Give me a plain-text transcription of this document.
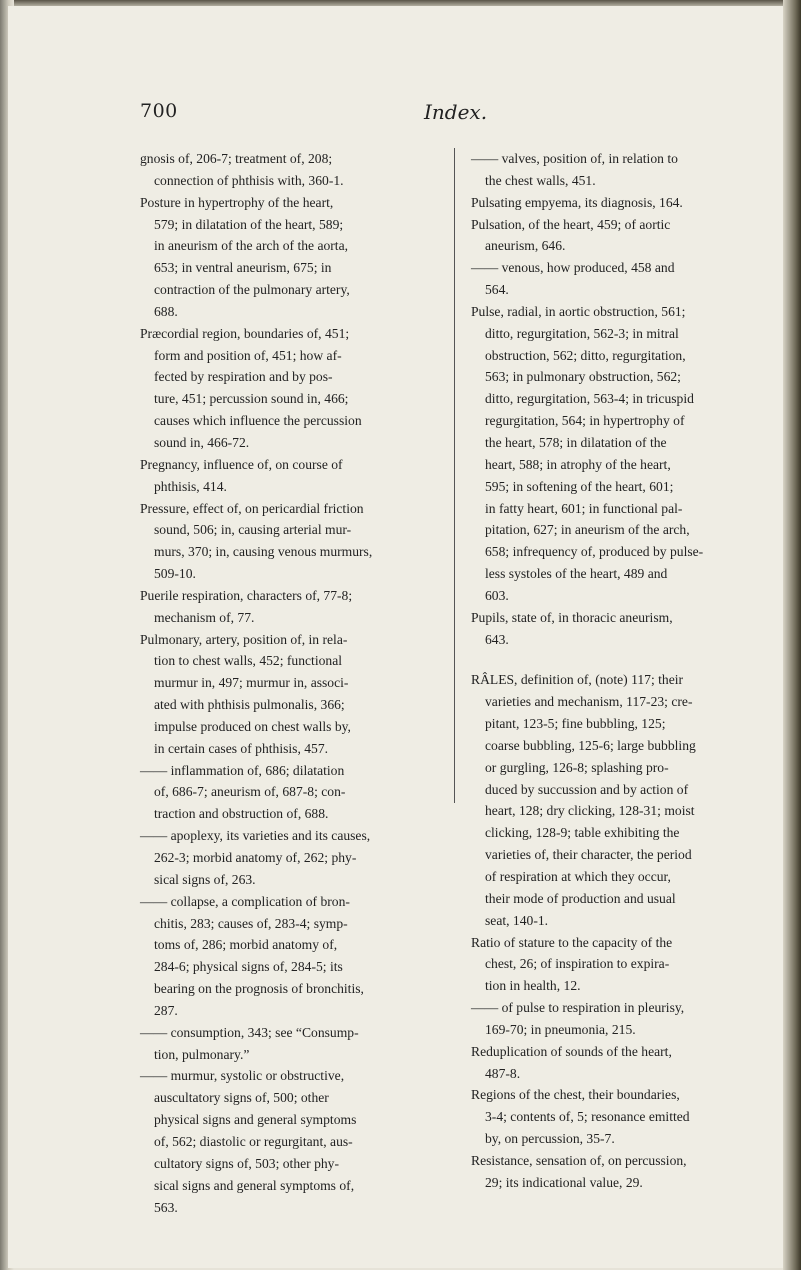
700	Index.
gnosis of, 206-7; treatment of, 208;
connection of phthisis with, 360-1.
Posture in hypertrophy of the heart,
579; in dilatation of the heart, 589;
in aneurism of the arch of the aorta,
653; in ventral aneurism, 675; in
contraction of the pulmonary artery,
688.
Præcordial region, boundaries of, 451;
form and position of, 451; how af-
fected by respiration and by pos-
ture, 451; percussion sound in, 466;
causes which influence the percussion
sound in, 466-72.
Pregnancy, influence of, on course of
phthisis, 414.
Pressure, effect of, on pericardial friction
sound, 506; in, causing arterial mur-
murs, 370; in, causing venous murmurs,
509-10.
Puerile respiration, characters of, 77-8;
mechanism of, 77.
Pulmonary, artery, position of, in rela-
tion to chest walls, 452; functional
murmur in, 497; murmur in, associ-
ated with phthisis pulmonalis, 366;
impulse produced on chest walls by,
in certain cases of phthisis, 457.
—— inflammation of, 686; dilatation
of, 686-7; aneurism of, 687-8; con-
traction and obstruction of, 688.
—— apoplexy, its varieties and its causes,
262-3; morbid anatomy of, 262; phy-
sical signs of, 263.
—— collapse, a complication of bron-
chitis, 283; causes of, 283-4; symp-
toms of, 286; morbid anatomy of,
284-6; physical signs of, 284-5; its
bearing on the prognosis of bronchitis,
287.
—— consumption, 343; see “Consump-
tion, pulmonary.”
—— murmur, systolic or obstructive,
auscultatory signs of, 500; other
physical signs and general symptoms
of, 562; diastolic or regurgitant, aus-
cultatory signs of, 503; other phy-
sical signs and general symptoms of,
563.
—— valves, position of, in relation to
the chest walls, 451.
Pulsating empyema, its diagnosis, 164.
Pulsation, of the heart, 459; of aortic
aneurism, 646.
—— venous, how produced, 458 and
564.
Pulse, radial, in aortic obstruction, 561;
ditto, regurgitation, 562-3; in mitral
obstruction, 562; ditto, regurgitation,
563; in pulmonary obstruction, 562;
ditto, regurgitation, 563-4; in tricuspid
regurgitation, 564; in hypertrophy of
the heart, 578; in dilatation of the
heart, 588; in atrophy of the heart,
595; in softening of the heart, 601;
in fatty heart, 601; in functional pal-
pitation, 627; in aneurism of the arch,
658; infrequency of, produced by pulse-
less systoles of the heart, 489 and
603.
Pupils, state of, in thoracic aneurism,
643.
RÂLES, definition of, (note) 117; their
varieties and mechanism, 117-23; cre-
pitant, 123-5; fine bubbling, 125;
coarse bubbling, 125-6; large bubbling
or gurgling, 126-8; splashing pro-
duced by succussion and by action of
heart, 128; dry clicking, 128-31; moist
clicking, 128-9; table exhibiting the
varieties of, their character, the period
of respiration at which they occur,
their mode of production and usual
seat, 140-1.
Ratio of stature to the capacity of the
chest, 26; of inspiration to expira-
tion in health, 12.
—— of pulse to respiration in pleurisy,
169-70; in pneumonia, 215.
Reduplication of sounds of the heart,
487-8.
Regions of the chest, their boundaries,
3-4; contents of, 5; resonance emitted
by, on percussion, 35-7.
Resistance, sensation of, on percussion,
29; its indicational value, 29.
